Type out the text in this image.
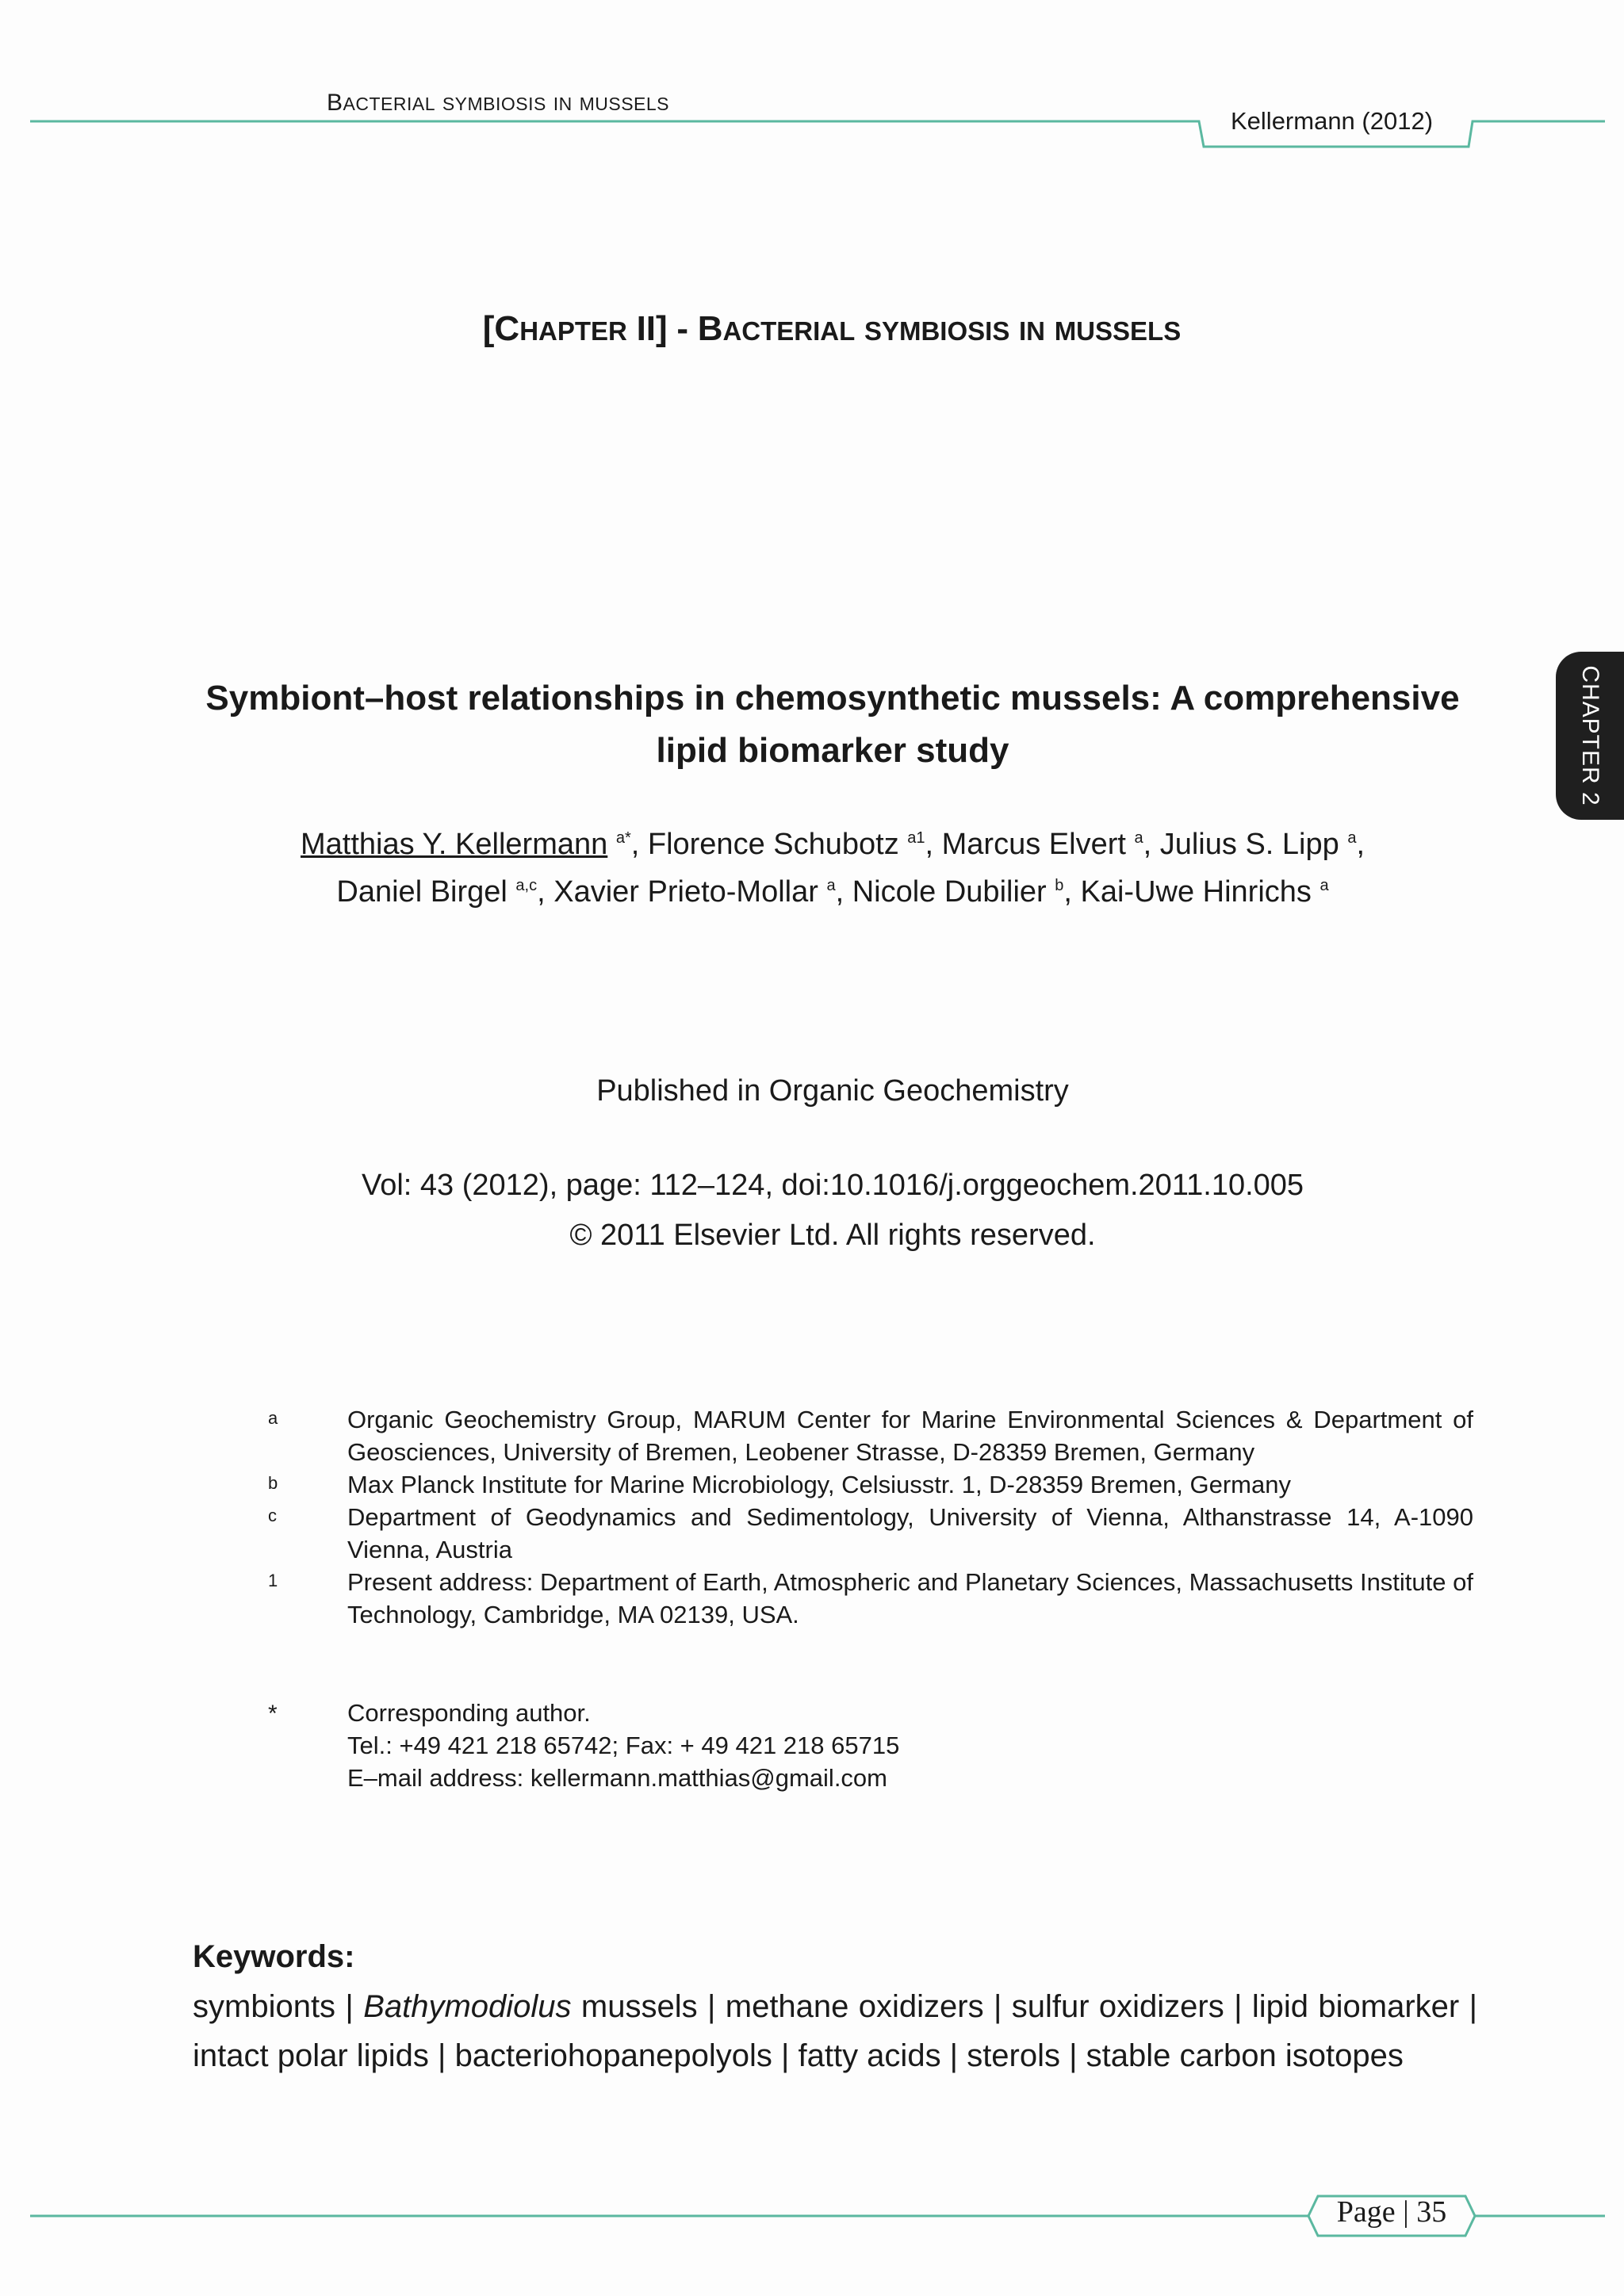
BACTERIAL SYMBIOSIS IN MUSSELS
Kellermann (2012)
[CHAPTER II] - BACTERIAL SYMBIOSIS IN MUSSELS
Symbiont–host relationships in chemosynthetic mussels: A comprehensive
lipid biomarker study
Matthias Y. Kellermann $^{a*}$, Florence Schubotz $^{a1}$, Marcus Elvert $^a$, Julius S. Lipp $^a$,
Daniel Birgel $^{a,c}$, Xavier Prieto-Mollar $^a$, Nicole Dubilier $^b$, Kai-Uwe Hinrichs $^a$
Published in Organic Geochemistry
Vol: 43 (2012), page: 112–124, doi:10.1016/j.orggeochem.2011.10.005
© 2011 Elsevier Ltd. All rights reserved.
a	Organic Geochemistry Group, MARUM Center for Marine Environmental Sciences & Department of Geosciences, University of Bremen, Leobener Strasse, D-28359 Bremen, Germany
b	Max Planck Institute for Marine Microbiology, Celsiusstr. 1, D-28359 Bremen, Germany
c	Department of Geodynamics and Sedimentology, University of Vienna, Althanstrasse 14, A-1090 Vienna, Austria
1	Present address: Department of Earth, Atmospheric and Planetary Sciences, Massachusetts Institute of Technology, Cambridge, MA 02139, USA.
*	Corresponding author.
Tel.: +49 421 218 65742; Fax: + 49 421 218 65715
E–mail address: kellermann.matthias@gmail.com
Keywords:
symbionts | Bathymodiolus mussels | methane oxidizers | sulfur oxidizers | lipid biomarker | intact polar lipids | bacteriohopanepolyols | fatty acids | sterols | stable carbon isotopes
CHAPTER 2
Page | 35
